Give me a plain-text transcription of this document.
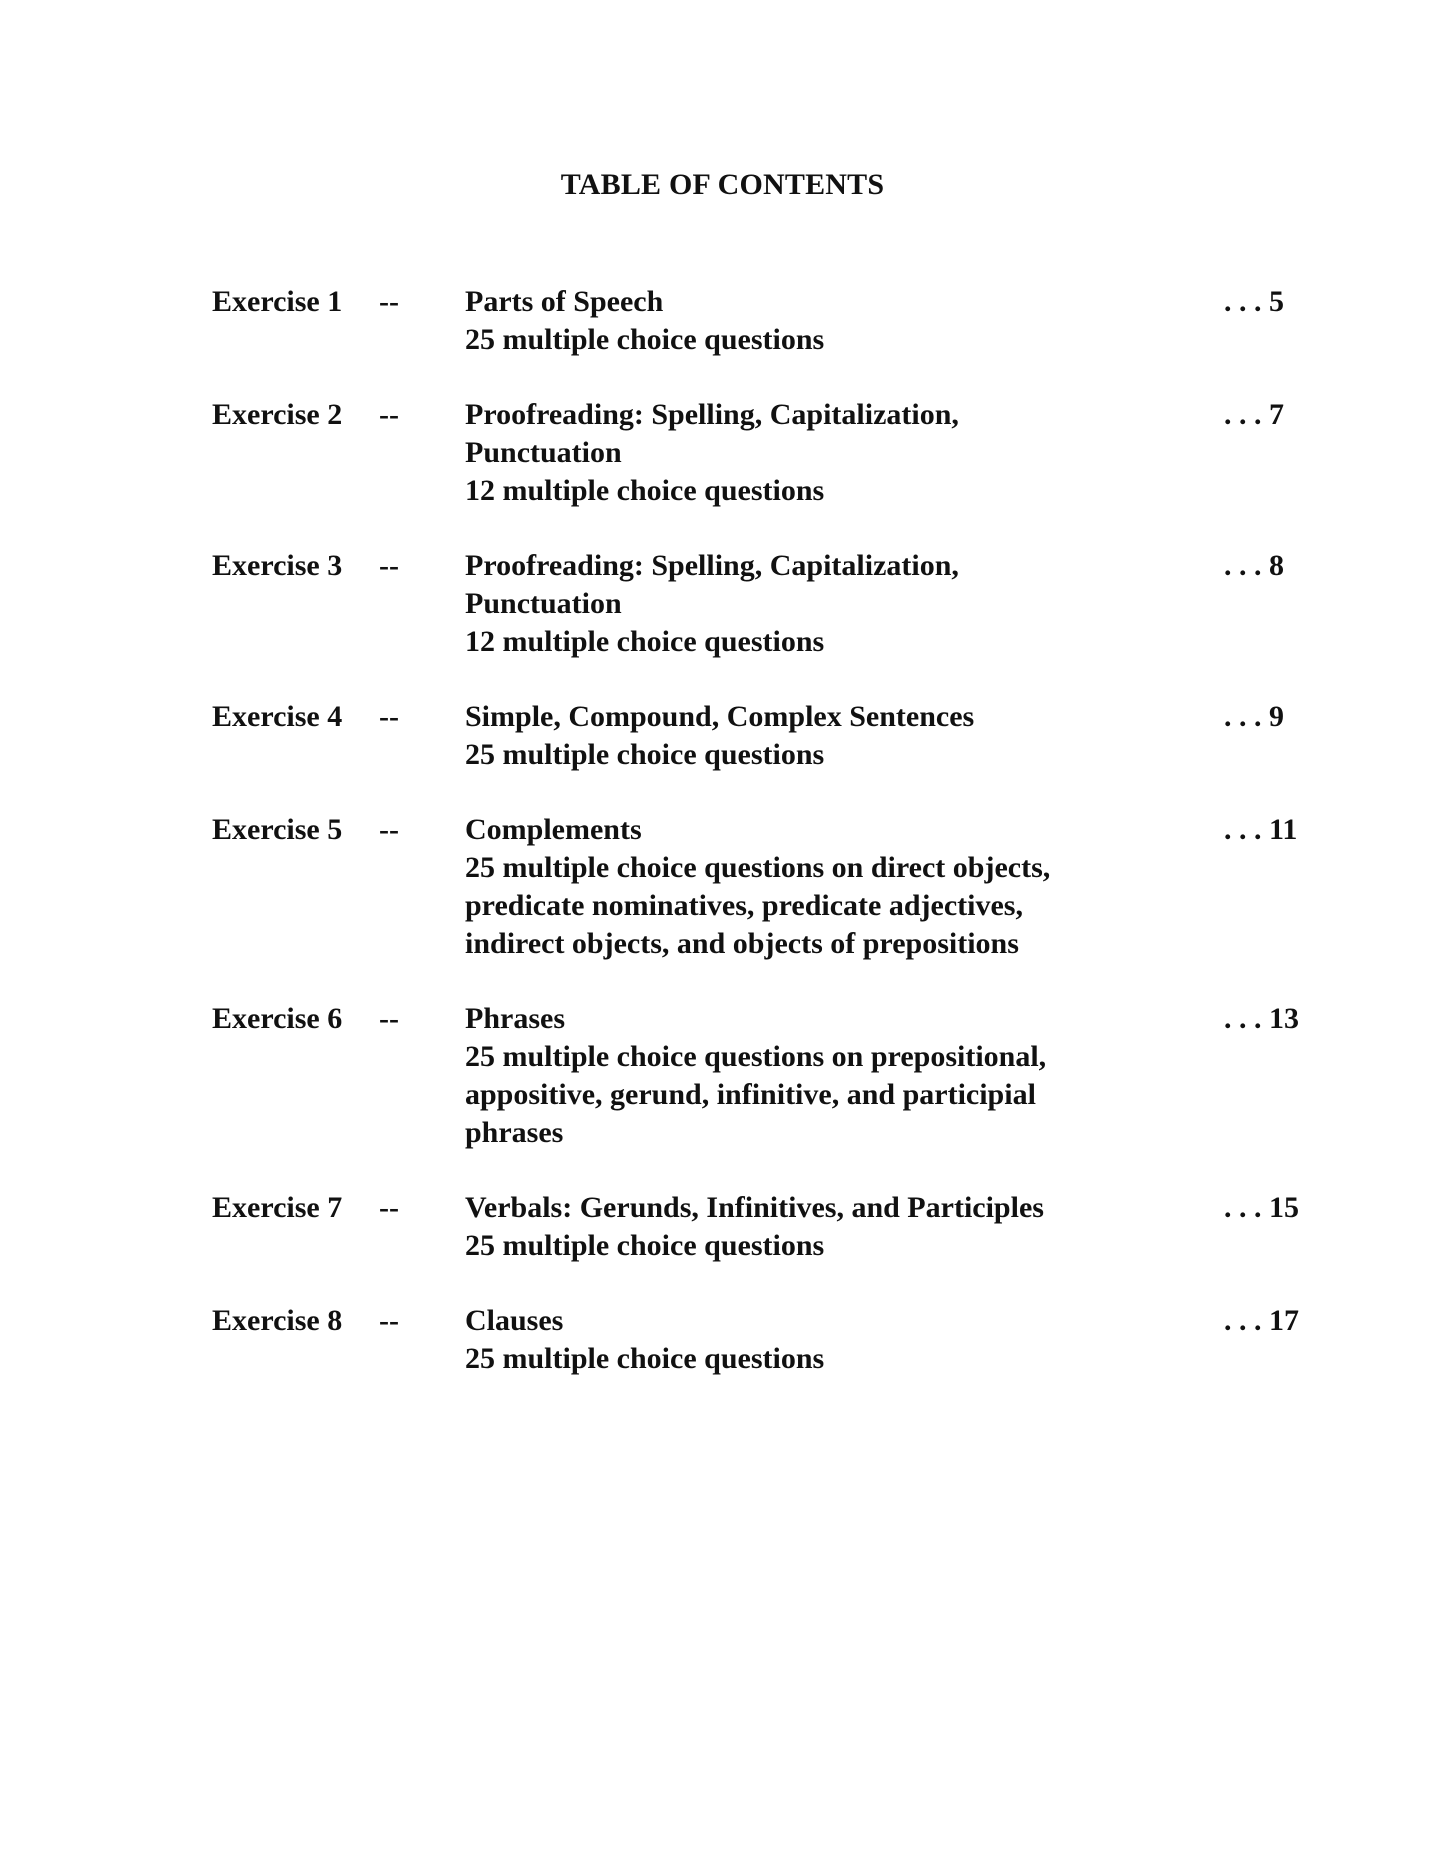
TABLE OF CONTENTS
Exercise 1 -- Parts of Speech
25 multiple choice questions
. . . 5
Exercise 2 -- Proofreading: Spelling, Capitalization,
Punctuation
12 multiple choice questions
. . . 7
Exercise 3 -- Proofreading: Spelling, Capitalization,
Punctuation
12 multiple choice questions
. . . 8
Exercise 4 -- Simple, Compound, Complex Sentences
25 multiple choice questions
. . . 9
Exercise 5 -- Complements
25 multiple choice questions on direct objects,
predicate nominatives, predicate adjectives,
indirect objects, and objects of prepositions
. . . 11
Exercise 6 -- Phrases
25 multiple choice questions on prepositional,
appositive, gerund, infinitive, and participial
phrases
. . . 13
Exercise 7 -- Verbals: Gerunds, Infinitives, and Participles
25 multiple choice questions
. . . 15
Exercise 8 -- Clauses
25 multiple choice questions
. . . 17
